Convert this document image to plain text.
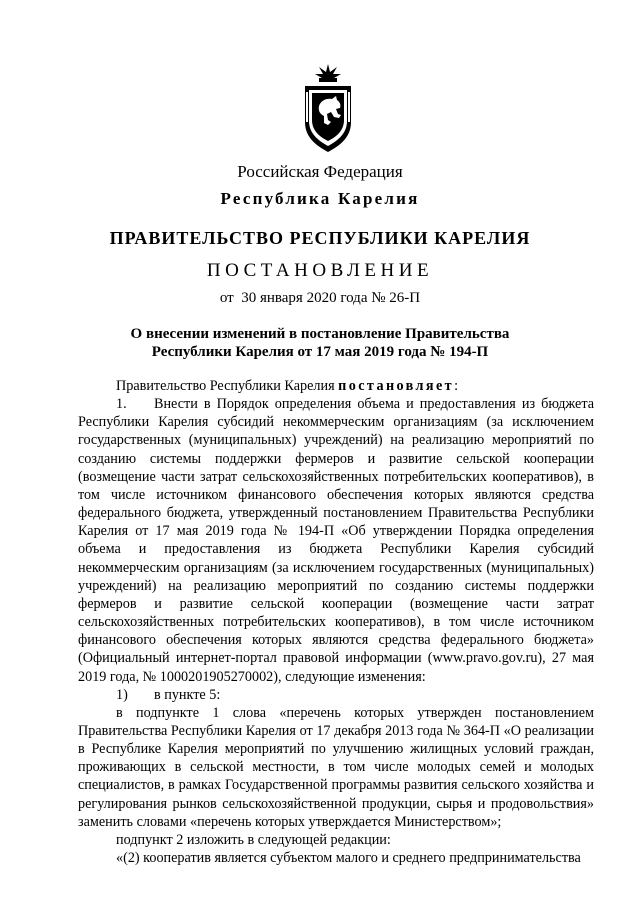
Российская Федерация
Республика Карелия
ПРАВИТЕЛЬСТВО РЕСПУБЛИКИ КАРЕЛИЯ
ПОСТАНОВЛЕНИЕ
от  30 января 2020 года № 26-П
О внесении изменений в постановление Правительства
Республики Карелия от 17 мая 2019 года № 194-П

Правительство Республики Карелия постановляет:

1. Внести в Порядок определения объема и предоставления из бюджета Республики Карелия субсидий некоммерческим организациям (за исключением государственных (муниципальных) учреждений) на реализацию мероприятий по созданию системы поддержки фермеров и развитие сельской кооперации (возмещение части затрат сельскохозяйственных потребительских кооперативов), в том числе источником финансового обеспечения которых являются средства федерального бюджета, утвержденный постановлением Правительства Республики Карелия от 17 мая 2019 года № 194-П «Об утверждении Порядка определения объема и предоставления из бюджета Республики Карелия субсидий некоммерческим организациям (за исключением государственных (муниципальных) учреждений) на реализацию мероприятий по созданию системы поддержки фермеров и развитие сельской кооперации (возмещение части затрат сельскохозяйственных потребительских кооперативов), в том числе источником финансового обеспечения которых являются средства федерального бюджета» (Официальный интернет-портал правовой информации (www.pravo.gov.ru), 27 мая 2019 года, № 1000201905270002), следующие изменения:

1) в пункте 5:

в подпункте 1 слова «перечень которых утвержден постановлением Правительства Республики Карелия от 17 декабря 2013 года № 364-П «О реализации в Республике Карелия мероприятий по улучшению жилищных условий граждан, проживающих в сельской местности, в том числе молодых семей и молодых специалистов, в рамках Государственной программы развития сельского хозяйства и регулирования рынков сельскохозяйственной продукции, сырья и продовольствия» заменить словами «перечень которых утверждается Министерством»;

подпункт 2 изложить в следующей редакции:

«(2) кооператив является субъектом малого и среднего предпринимательства
